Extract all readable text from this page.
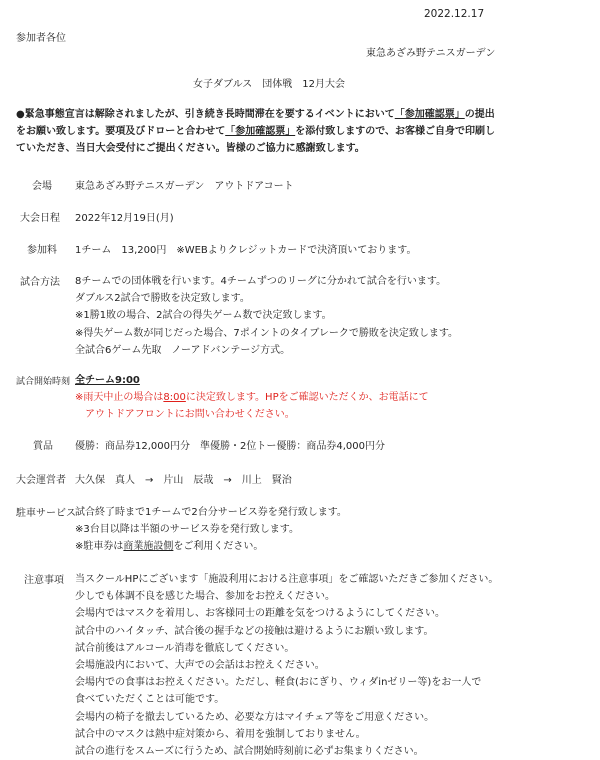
2022.12.17
参加者各位
東急あざみ野テニスガーデン
女子ダブルス　団体戦　12月大会
●緊急事態宣言は解除されましたが、引き続き長時間滞在を要するイベントにおいて「参加確認票」の提出
をお願い致します。要項及びドローと合わせて「参加確認票」を添付致しますので、お客様ご自身で印刷し
ていただき、当日大会受付にご提出ください。皆様のご協力に感謝致します。
会場 東急あざみ野テニスガーデン　アウトドアコート
大会日程 2022年12月19日(月)
参加料 1チーム　13,200円　※WEBよりクレジットカードで決済頂いております。
試合方法 8チームでの団体戦を行います。4チームずつのリーグに分かれて試合を行います。
ダブルス2試合で勝敗を決定致します。
※1勝1敗の場合、2試合の得失ゲーム数で決定致します。
※得失ゲーム数が同じだった場合、7ポイントのタイブレークで勝敗を決定致します。
全試合6ゲーム先取　ノーアドバンテージ方式。
試合開始時刻 全チーム9:00
※雨天中止の場合は8:00に決定致します。HPをご確認いただくか、お電話にて
アウトドアフロントにお問い合わせください。
賞品 優勝：商品券12,000円分　準優勝・2位トー優勝：商品券4,000円分
大会運営者 大久保　真人　→　片山　辰哉　→　川上　賢治
駐車サービス 試合終了時まで1チームで2台分サービス券を発行致します。
※3台目以降は半額のサービス券を発行致します。
※駐車券は商業施設側をご利用ください。
注意事項 当スクールHPにございます「施設利用における注意事項」をご確認いただきご参加ください。
少しでも体調不良を感じた場合、参加をお控えください。
会場内ではマスクを着用し、お客様同士の距離を気をつけるようにしてください。
試合中のハイタッチ、試合後の握手などの接触は避けるようにお願い致します。
試合前後はアルコール消毒を徹底してください。
会場施設内において、大声での会話はお控えください。
会場内での食事はお控えください。ただし、軽食(おにぎり、ウィダinゼリー等)をお一人で
食べていただくことは可能です。
会場内の椅子を撤去しているため、必要な方はマイチェア等をご用意ください。
試合中のマスクは熱中症対策から、着用を強制しておりません。
試合の進行をスムーズに行うため、試合開始時刻前に必ずお集まりください。
